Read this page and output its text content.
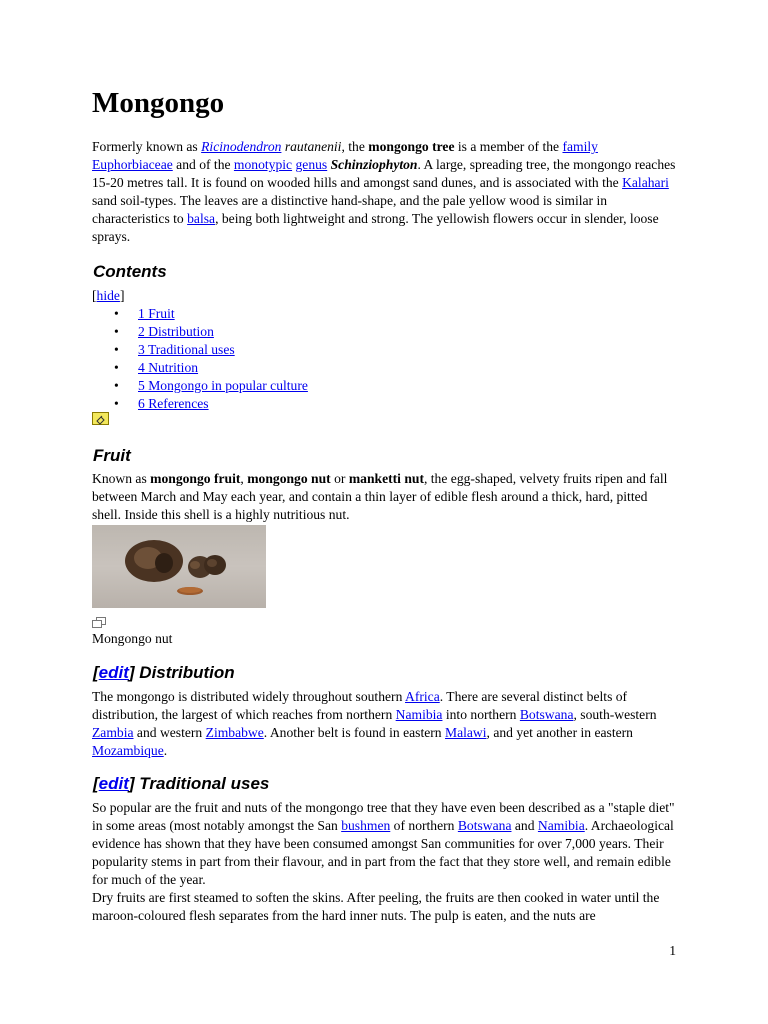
Mongongo

Formerly known as Ricinodendron rautanenii, the mongongo tree is a member of the family Euphorbiaceae and of the monotypic genus Schinziophyton. A large, spreading tree, the mongongo reaches 15-20 metres tall. It is found on wooded hills and amongst sand dunes, and is associated with the Kalahari sand soil-types. The leaves are a distinctive hand-shape, and the pale yellow wood is similar in characteristics to balsa, being both lightweight and strong. The yellowish flowers occur in slender, loose sprays.

Contents
[hide]
• 1 Fruit
• 2 Distribution
• 3 Traditional uses
• 4 Nutrition
• 5 Mongongo in popular culture
• 6 References
Fruit

Known as mongongo fruit, mongongo nut or manketti nut, the egg-shaped, velvety fruits ripen and fall between March and May each year, and contain a thin layer of edible flesh around a thick, hard, pitted shell. Inside this shell is a highly nutritious nut.

Mongongo nut
[edit] Distribution

The mongongo is distributed widely throughout southern Africa. There are several distinct belts of distribution, the largest of which reaches from northern Namibia into northern Botswana, south-western Zambia and western Zimbabwe. Another belt is found in eastern Malawi, and yet another in eastern Mozambique.

[edit] Traditional uses

So popular are the fruit and nuts of the mongongo tree that they have even been described as a "staple diet" in some areas (most notably amongst the San bushmen of northern Botswana and Namibia. Archaeological evidence has shown that they have been consumed amongst San communities for over 7,000 years. Their popularity stems in part from their flavour, and in part from the fact that they store well, and remain edible for much of the year.

Dry fruits are first steamed to soften the skins. After peeling, the fruits are then cooked in water until the maroon-coloured flesh separates from the hard inner nuts. The pulp is eaten, and the nuts are

1
